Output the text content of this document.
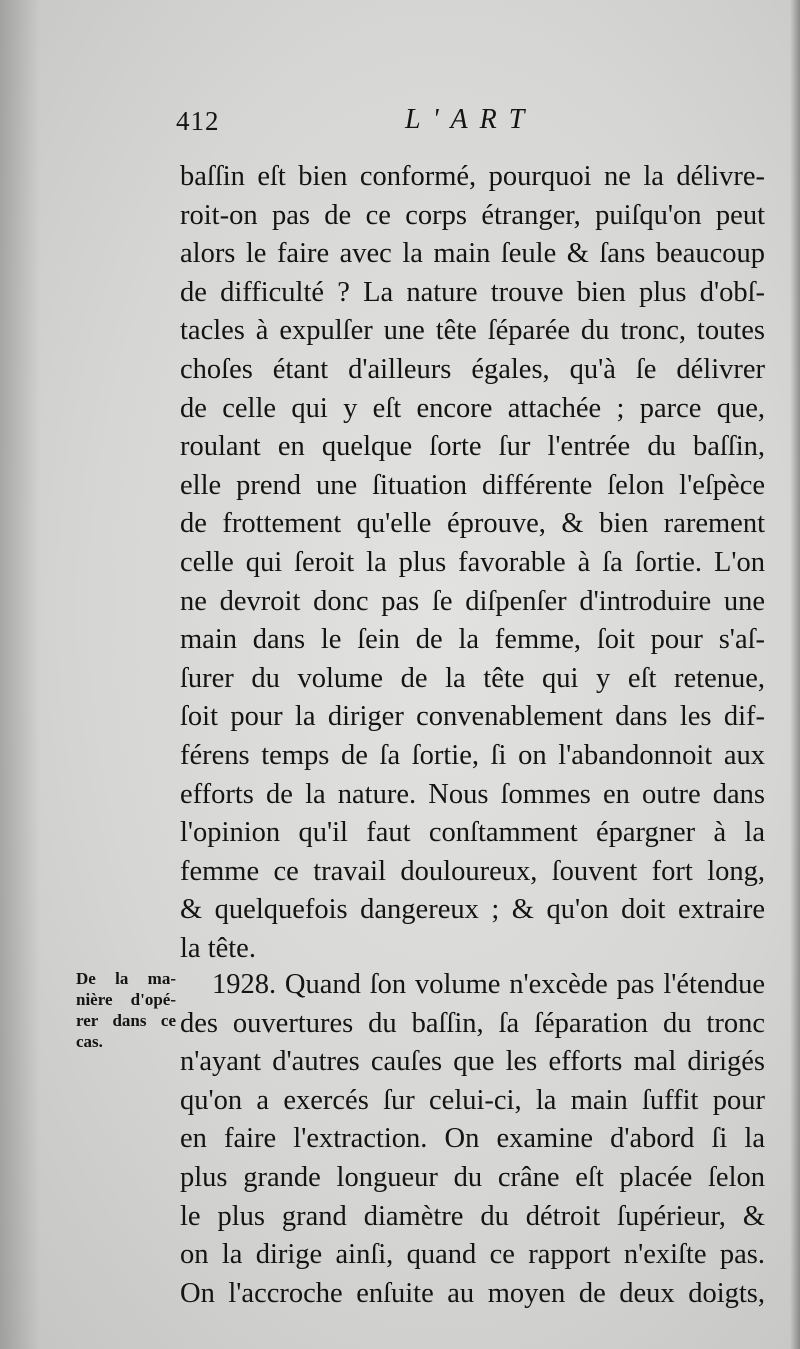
412	L'ART
baſſin eſt bien conformé, pourquoi ne la délivre-
roit-on pas de ce corps étranger, puiſqu'on peut
alors le faire avec la main ſeule & ſans beaucoup
de difficulté ? La nature trouve bien plus d'obſ-
tacles à expulſer une tête ſéparée du tronc, toutes
choſes étant d'ailleurs égales, qu'à ſe délivrer
de celle qui y eſt encore attachée ; parce que,
roulant en quelque ſorte ſur l'entrée du baſſin,
elle prend une ſituation différente ſelon l'eſpèce
de frottement qu'elle éprouve, & bien rarement
celle qui ſeroit la plus favorable à ſa ſortie. L'on
ne devroit donc pas ſe diſpenſer d'introduire une
main dans le ſein de la femme, ſoit pour s'aſ-
ſurer du volume de la tête qui y eſt retenue,
ſoit pour la diriger convenablement dans les dif-
férens temps de ſa ſortie, ſi on l'abandonnoit aux
efforts de la nature. Nous ſommes en outre dans
l'opinion qu'il faut conſtamment épargner à la
femme ce travail douloureux, ſouvent fort long,
& quelquefois dangereux ; & qu'on doit extraire
la tête.
De la ma-
nière d'opé-
rer dans ce
cas.
1928. Quand ſon volume n'excède pas l'étendue
des ouvertures du baſſin, ſa ſéparation du tronc
n'ayant d'autres cauſes que les efforts mal dirigés
qu'on a exercés ſur celui-ci, la main ſuffit pour
en faire l'extraction. On examine d'abord ſi la
plus grande longueur du crâne eſt placée ſelon
le plus grand diamètre du détroit ſupérieur, &
on la dirige ainſi, quand ce rapport n'exiſte pas.
On l'accroche enſuite au moyen de deux doigts,
